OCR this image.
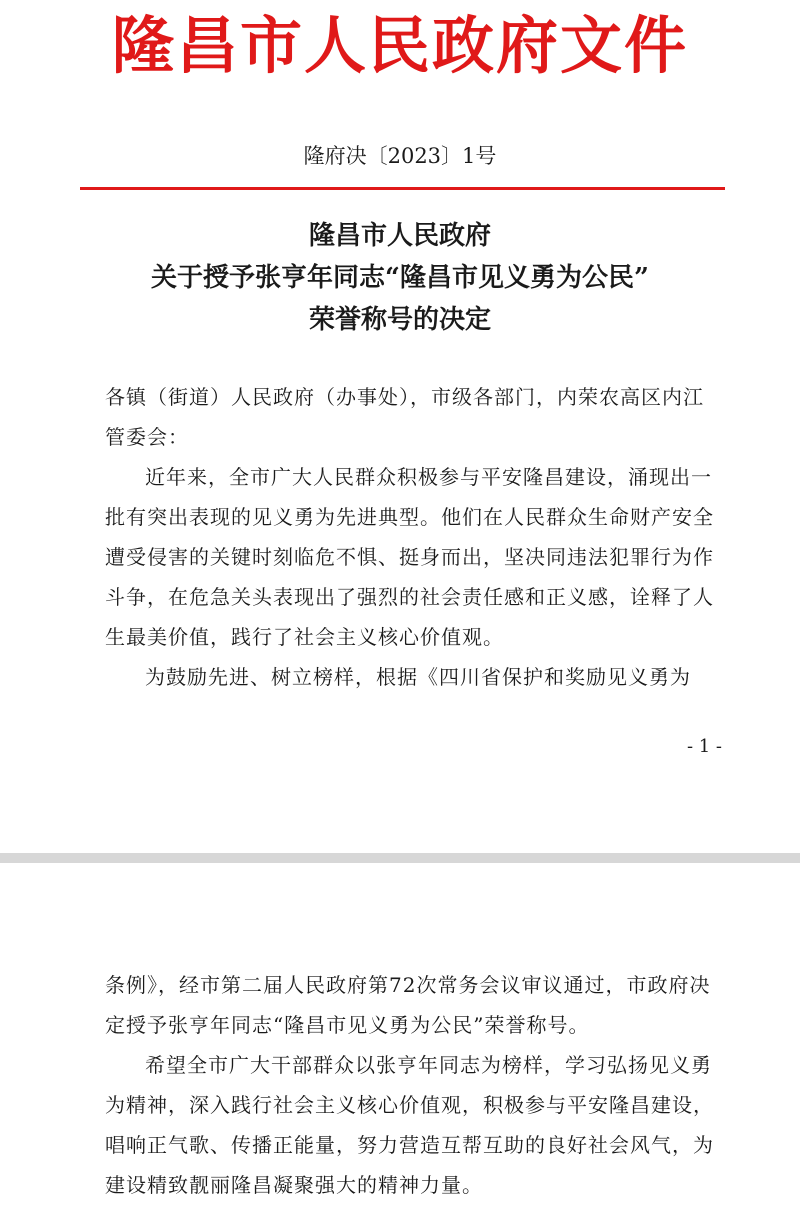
隆昌市人民政府文件
隆府决〔2023〕1号
隆昌市人民政府
关于授予张亨年同志“隆昌市见义勇为公民”
荣誉称号的决定

各镇（街道）人民政府（办事处），市级各部门，内荣农高区内江管委会：

近年来，全市广大人民群众积极参与平安隆昌建设，涌现出一批有突出表现的见义勇为先进典型。他们在人民群众生命财产安全遭受侵害的关键时刻临危不惧、挺身而出，坚决同违法犯罪行为作斗争，在危急关头表现出了强烈的社会责任感和正义感，诠释了人生最美价值，践行了社会主义核心价值观。

为鼓励先进、树立榜样，根据《四川省保护和奖励见义勇为

- 1 -

条例》，经市第二届人民政府第72次常务会议审议通过，市政府决定授予张亨年同志“隆昌市见义勇为公民”荣誉称号。

希望全市广大干部群众以张亨年同志为榜样，学习弘扬见义勇为精神，深入践行社会主义核心价值观，积极参与平安隆昌建设，唱响正气歌、传播正能量，努力营造互帮互助的良好社会风气，为建设精致靓丽隆昌凝聚强大的精神力量。
